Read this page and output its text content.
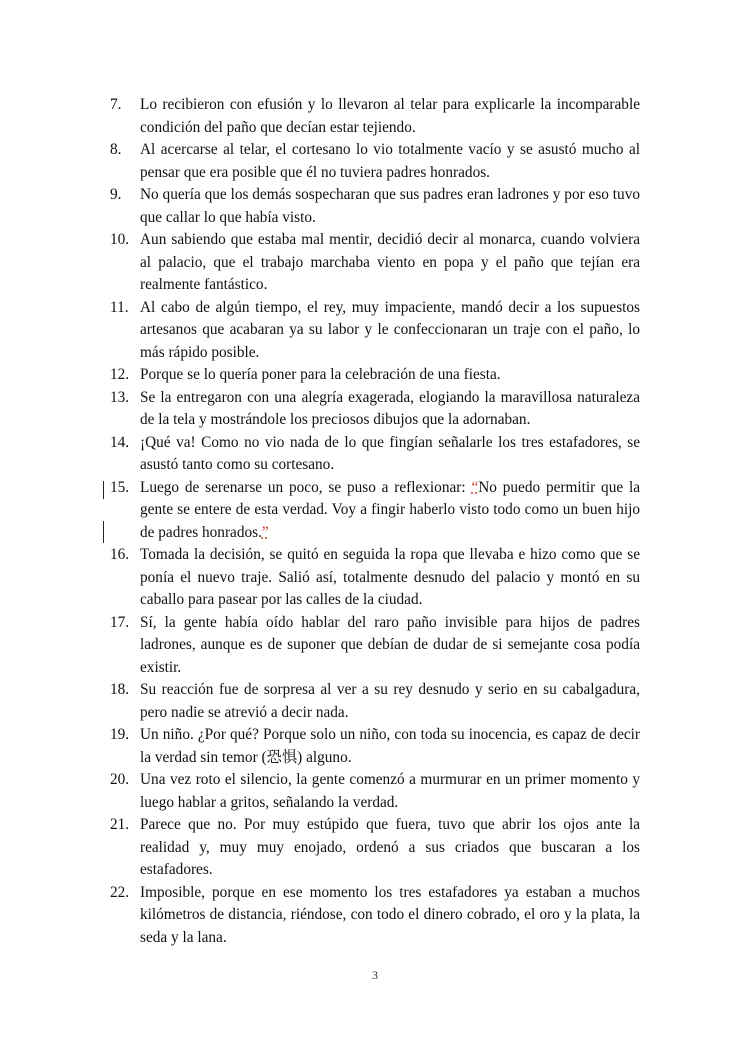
7. Lo recibieron con efusión y lo llevaron al telar para explicarle la incomparable condición del paño que decían estar tejiendo.
8. Al acercarse al telar, el cortesano lo vio totalmente vacío y se asustó mucho al pensar que era posible que él no tuviera padres honrados.
9. No quería que los demás sospecharan que sus padres eran ladrones y por eso tuvo que callar lo que había visto.
10. Aun sabiendo que estaba mal mentir, decidió decir al monarca, cuando volviera al palacio, que el trabajo marchaba viento en popa y el paño que tejían era realmente fantástico.
11. Al cabo de algún tiempo, el rey, muy impaciente, mandó decir a los supuestos artesanos que acabaran ya su labor y le confeccionaran un traje con el paño, lo más rápido posible.
12. Porque se lo quería poner para la celebración de una fiesta.
13. Se la entregaron con una alegría exagerada, elogiando la maravillosa naturaleza de la tela y mostrándole los preciosos dibujos que la adornaban.
14. ¡Qué va! Como no vio nada de lo que fingían señalarle los tres estafadores, se asustó tanto como su cortesano.
15. Luego de serenarse un poco, se puso a reflexionar: “No puedo permitir que la gente se entere de esta verdad. Voy a fingir haberlo visto todo como un buen hijo de padres honrados.”
16. Tomada la decisión, se quitó en seguida la ropa que llevaba e hizo como que se ponía el nuevo traje. Salió así, totalmente desnudo del palacio y montó en su caballo para pasear por las calles de la ciudad.
17. Sí, la gente había oído hablar del raro paño invisible para hijos de padres ladrones, aunque es de suponer que debían de dudar de si semejante cosa podía existir.
18. Su reacción fue de sorpresa al ver a su rey desnudo y serio en su cabalgadura, pero nadie se atrevió a decir nada.
19. Un niño. ¿Por qué? Porque solo un niño, con toda su inocencia, es capaz de decir la verdad sin temor (恐惧) alguno.
20. Una vez roto el silencio, la gente comenzó a murmurar en un primer momento y luego hablar a gritos, señalando la verdad.
21. Parece que no. Por muy estúpido que fuera, tuvo que abrir los ojos ante la realidad y, muy muy enojado, ordenó a sus criados que buscaran a los estafadores.
22. Imposible, porque en ese momento los tres estafadores ya estaban a muchos kilómetros de distancia, riéndose, con todo el dinero cobrado, el oro y la plata, la seda y la lana.
3
